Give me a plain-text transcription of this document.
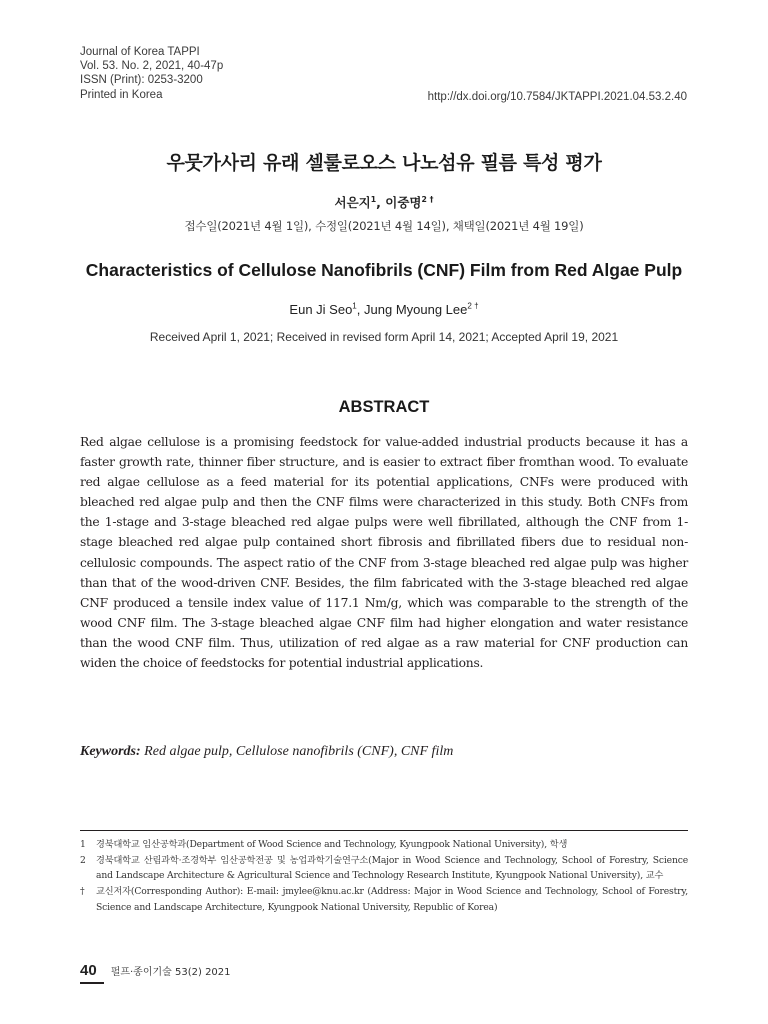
Journal of Korea TAPPI
Vol. 53. No. 2, 2021, 40-47p
ISSN (Print): 0253-3200
Printed in Korea	http://dx.doi.org/10.7584/JKTAPPI.2021.04.53.2.40
우뭇가사리 유래 셀룰로오스 나노섬유 필름 특성 평가
서은지$^1$, 이중명$^{2 \dagger}$
접수일(2021년 4월 1일), 수정일(2021년 4월 14일), 채택일(2021년 4월 19일)
Characteristics of Cellulose Nanofibrils (CNF) Film from Red Algae Pulp
Eun Ji Seo$^1$, Jung Myoung Lee$^{2 \dagger}$
Received April 1, 2021; Received in revised form April 14, 2021; Accepted April 19, 2021
ABSTRACT

Red algae cellulose is a promising feedstock for value-added industrial products because it has a faster growth rate, thinner fiber structure, and is easier to extract fiber fromthan wood. To evaluate red algae cellulose as a feed material for its potential applications, CNFs were produced with bleached red algae pulp and then the CNF films were characterized in this study. Both CNFs from the 1-stage and 3-stage bleached red algae pulps were well fibrillated, although the CNF from 1-stage bleached red algae pulp contained short fibrosis and fibrillated fibers due to residual non-cellulosic compounds. The aspect ratio of the CNF from 3-stage bleached red algae pulp was higher than that of the wood-driven CNF. Besides, the film fabricated with the 3-stage bleached red algae CNF produced a tensile index value of 117.1 Nm/g, which was comparable to the strength of the wood CNF film. The 3-stage bleached algae CNF film had higher elongation and water resistance than the wood CNF film. Thus, utilization of red algae as a raw material for CNF production can widen the choice of feedstocks for potential industrial applications.

Keywords: Red algae pulp, Cellulose nanofibrils (CNF), CNF film
1	경북대학교 임산공학과(Department of Wood Science and Technology, Kyungpook National University), 학생
2	경북대학교 산림과학·조경학부 임산공학전공 및 농업과학기술연구소(Major in Wood Science and Technology, School of Forestry, Science and Landscape Architecture & Agricultural Science and Technology Research Institute, Kyungpook National University), 교수
†	교신저자(Corresponding Author): E-mail: jmylee@knu.ac.kr (Address: Major in Wood Science and Technology, School of Forestry, Science and Landscape Architecture, Kyungpook National University, Republic of Korea)
40 펄프·종이기술 53(2) 2021
